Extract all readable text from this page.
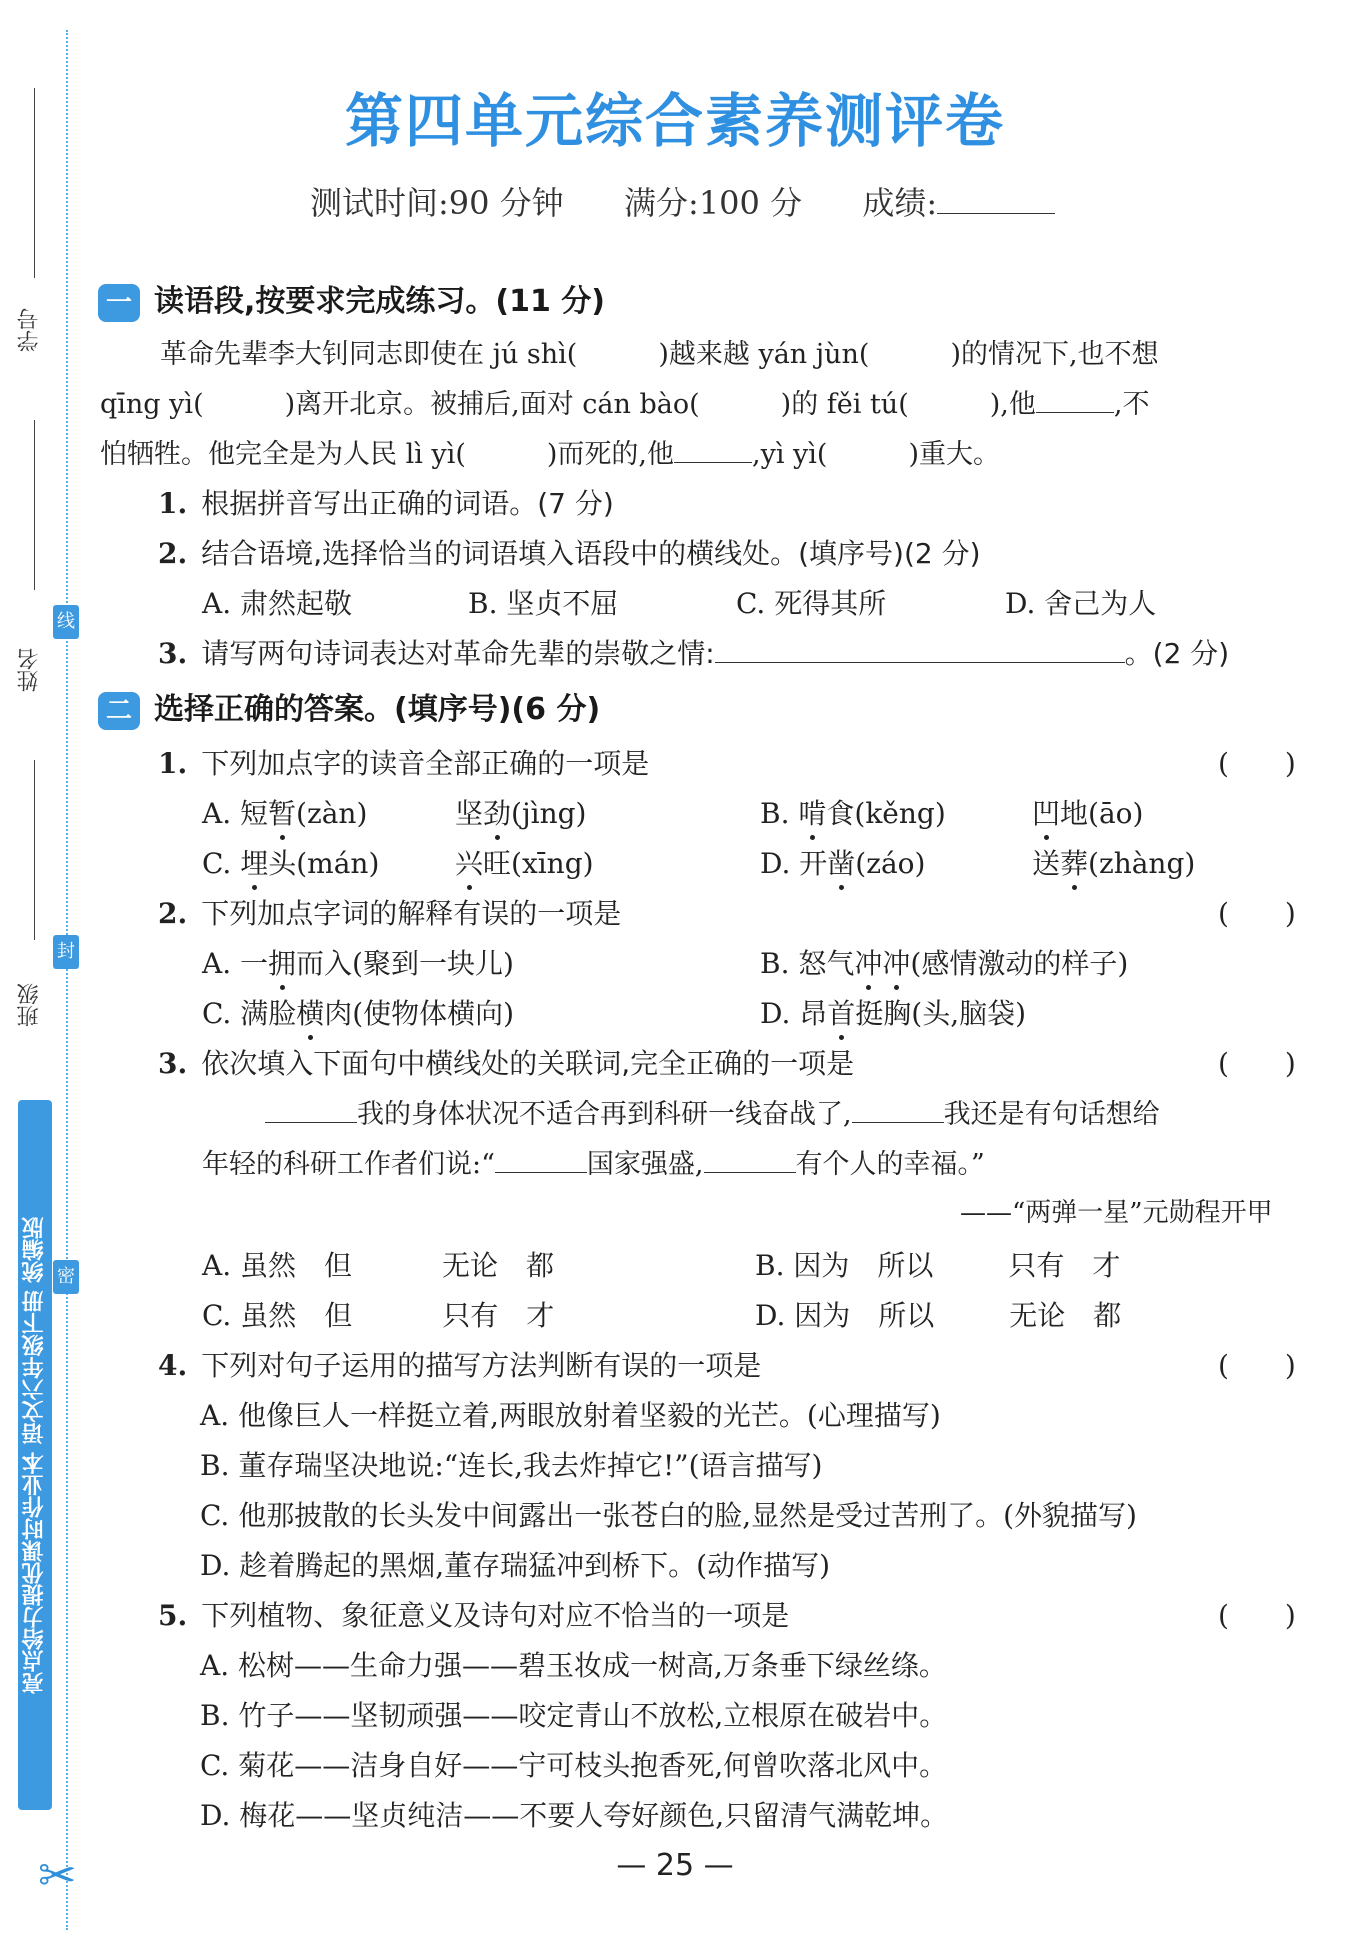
学号
姓名
班级
线
封
密
亮点给力提优课时作业本 语文六年级下册 统编版
✂
第四单元综合素养测评卷
测试时间:90 分钟 满分:100 分 成绩:
一 读语段,按要求完成练习。(11 分)
革命先辈李大钊同志即使在 jú shì(　　　)越来越 yán jùn(　　　)的情况下,也不想
qīng yì(　　　)离开北京。被捕后,面对 cán bào(　　　)的 fěi tú(　　　),他	,不
怕牺牲。他完全是为人民 lì yì(　　　)而死的,他	,yì yì(　　　)重大。
1. 根据拼音写出正确的词语。(7 分)
2. 结合语境,选择恰当的词语填入语段中的横线处。(填序号)(2 分)
A. 肃然起敬	B. 坚贞不屈	C. 死得其所	D. 舍己为人
3. 请写两句诗词表达对革命先辈的崇敬之情:	。(2 分)
二 选择正确的答案。(填序号)(6 分)
1. 下列加点字的读音全部正确的一项是	(　　)
A. 短暂(zàn)	坚劲(jìng)	B. 啃食(kěng)	凹地(āo)
C. 埋头(mán)	兴旺(xīng)	D. 开凿(záo)	送葬(zhàng)
2. 下列加点字词的解释有误的一项是	(　　)
A. 一拥而入(聚到一块儿)	B. 怒气冲冲(感情激动的样子)
C. 满脸横肉(使物体横向)	D. 昂首挺胸(头,脑袋)
3. 依次填入下面句中横线处的关联词,完全正确的一项是	(　　)
我的身体状况不适合再到科研一线奋战了,	我还是有句话想给
年轻的科研工作者们说:“	国家强盛,	有个人的幸福。”
——“两弹一星”元勋程开甲
A. 虽然　但	无论　都	B. 因为　所以	只有　才
C. 虽然　但	只有　才	D. 因为　所以	无论　都
4. 下列对句子运用的描写方法判断有误的一项是	(　　)
A. 他像巨人一样挺立着,两眼放射着坚毅的光芒。(心理描写)
B. 董存瑞坚决地说:“连长,我去炸掉它!”(语言描写)
C. 他那披散的长头发中间露出一张苍白的脸,显然是受过苦刑了。(外貌描写)
D. 趁着腾起的黑烟,董存瑞猛冲到桥下。(动作描写)
5. 下列植物、象征意义及诗句对应不恰当的一项是	(　　)
A. 松树——生命力强——碧玉妆成一树高,万条垂下绿丝绦。
B. 竹子——坚韧顽强——咬定青山不放松,立根原在破岩中。
C. 菊花——洁身自好——宁可枝头抱香死,何曾吹落北风中。
D. 梅花——坚贞纯洁——不要人夸好颜色,只留清气满乾坤。
— 25 —
